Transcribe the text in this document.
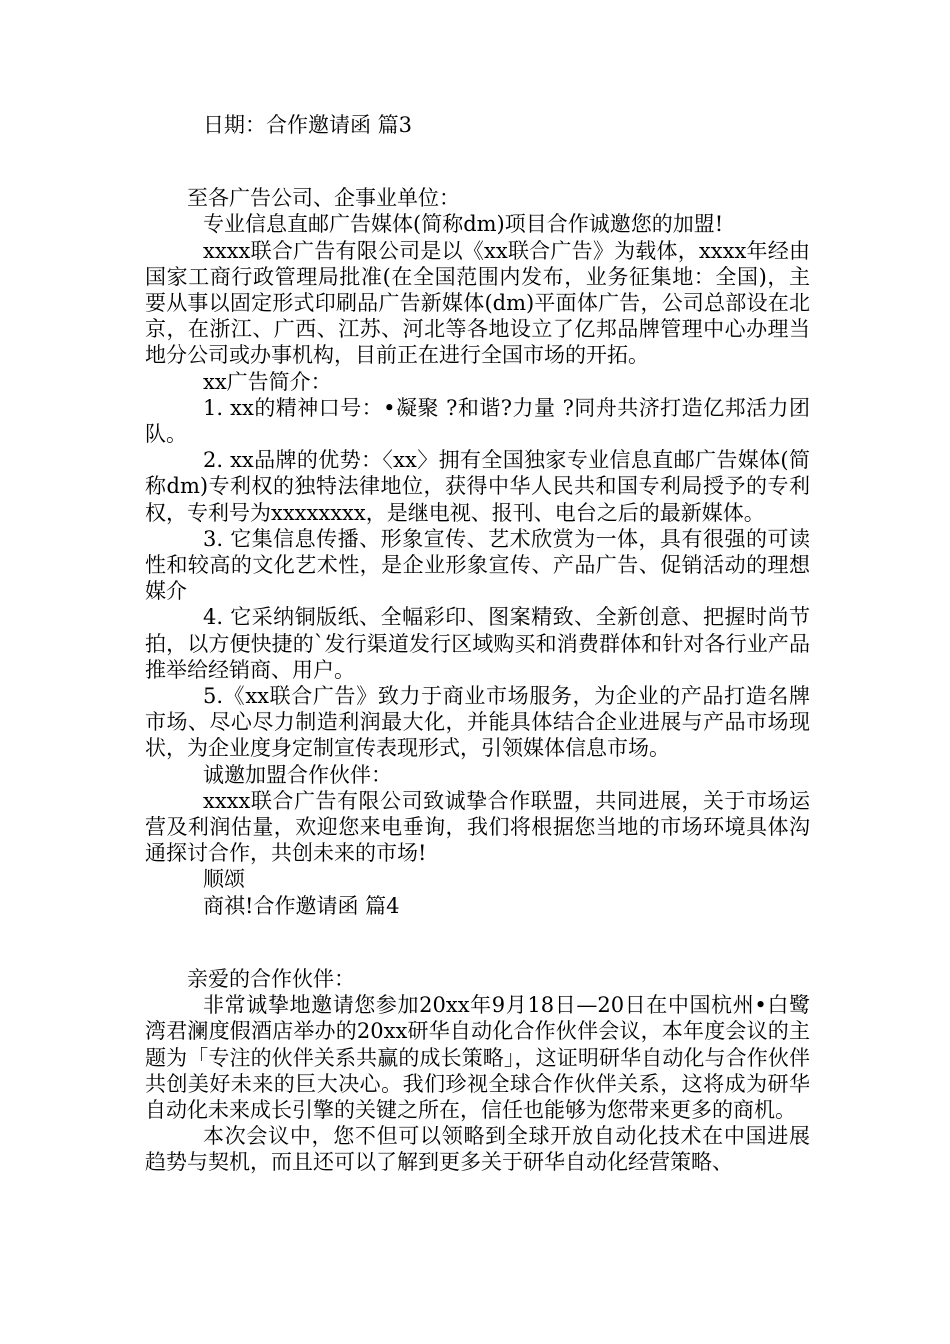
日期：合作邀请函 篇3

至各广告公司、企事业单位：

专业信息直邮广告媒体(简称dm)项目合作诚邀您的加盟!

xxxx联合广告有限公司是以《xx联合广告》为载体，xxxx年经由国家工商行政管理局批准(在全国范围内发布，业务征集地：全国)，主要从事以固定形式印刷品广告新媒体(dm)平面体广告，公司总部设在北京，在浙江、广西、江苏、河北等各地设立了亿邦品牌管理中心办理当地分公司或办事机构，目前正在进行全国市场的开拓。

xx广告简介：

1. xx的精神口号：•凝聚 ?和谐?力量 ?同舟共济打造亿邦活力团队。

2. xx品牌的优势：〈xx〉拥有全国独家专业信息直邮广告媒体(简称dm)专利权的独特法律地位，获得中华人民共和国专利局授予的专利权，专利号为xxxxxxxx，是继电视、报刊、电台之后的最新媒体。

3. 它集信息传播、形象宣传、艺术欣赏为一体，具有很强的可读性和较高的文化艺术性，是企业形象宣传、产品广告、促销活动的理想媒介

4. 它采纳铜版纸、全幅彩印、图案精致、全新创意、把握时尚节拍，以方便快捷的`发行渠道发行区域购买和消费群体和针对各行业产品推举给经销商、用户。

5.《xx联合广告》致力于商业市场服务，为企业的产品打造名牌市场、尽心尽力制造利润最大化，并能具体结合企业进展与产品市场现状，为企业度身定制宣传表现形式，引领媒体信息市场。

诚邀加盟合作伙伴：

xxxx联合广告有限公司致诚挚合作联盟，共同进展，关于市场运营及利润估量，欢迎您来电垂询，我们将根据您当地的市场环境具体沟通探讨合作，共创未来的市场!

顺颂

商祺!合作邀请函 篇4

亲爱的合作伙伴：

非常诚挚地邀请您参加20xx年9月18日—20日在中国杭州•白鹭湾君澜度假酒店举办的20xx研华自动化合作伙伴会议，本年度会议的主题为「专注的伙伴关系共赢的成长策略」，这证明研华自动化与合作伙伴共创美好未来的巨大决心。我们珍视全球合作伙伴关系，这将成为研华自动化未来成长引擎的关键之所在，信任也能够为您带来更多的商机。

本次会议中，您不但可以领略到全球开放自动化技术在中国进展趋势与契机，而且还可以了解到更多关于研华自动化经营策略、
